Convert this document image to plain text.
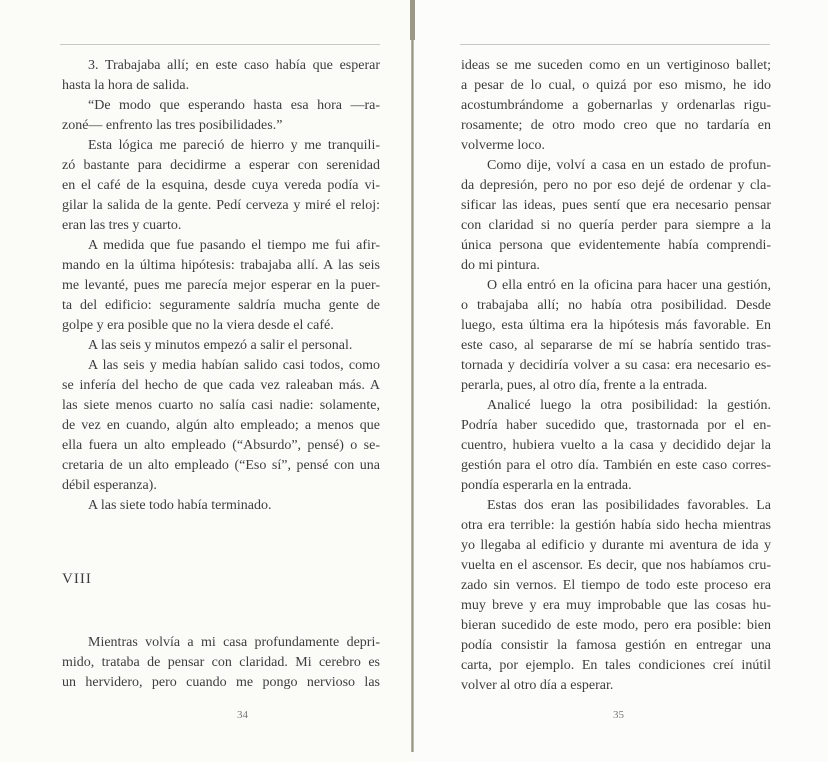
3. Trabajaba allí; en este caso había que esperar
hasta la hora de salida.
“De modo que esperando hasta esa hora —ra-
zoné— enfrento las tres posibilidades.”
Esta lógica me pareció de hierro y me tranquili-
zó bastante para decidirme a esperar con serenidad
en el café de la esquina, desde cuya vereda podía vi-
gilar la salida de la gente. Pedí cerveza y miré el reloj:
eran las tres y cuarto.
A medida que fue pasando el tiempo me fui afir-
mando en la última hipótesis: trabajaba allí. A las seis
me levanté, pues me parecía mejor esperar en la puer-
ta del edificio: seguramente saldría mucha gente de
golpe y era posible que no la viera desde el café.
A las seis y minutos empezó a salir el personal.
A las seis y media habían salido casi todos, como
se infería del hecho de que cada vez raleaban más. A
las siete menos cuarto no salía casi nadie: solamente,
de vez en cuando, algún alto empleado; a menos que
ella fuera un alto empleado (“Absurdo”, pensé) o se-
cretaria de un alto empleado (“Eso sí”, pensé con una
débil esperanza).
A las siete todo había terminado.
VIII
Mientras volvía a mi casa profundamente depri-
mido, trataba de pensar con claridad. Mi cerebro es
un hervidero, pero cuando me pongo nervioso las
34
ideas se me suceden como en un vertiginoso ballet;
a pesar de lo cual, o quizá por eso mismo, he ido
acostumbrándome a gobernarlas y ordenarlas rigu-
rosamente; de otro modo creo que no tardaría en
volverme loco.
Como dije, volví a casa en un estado de profun-
da depresión, pero no por eso dejé de ordenar y cla-
sificar las ideas, pues sentí que era necesario pensar
con claridad si no quería perder para siempre a la
única persona que evidentemente había comprendi-
do mi pintura.
O ella entró en la oficina para hacer una gestión,
o trabajaba allí; no había otra posibilidad. Desde
luego, esta última era la hipótesis más favorable. En
este caso, al separarse de mí se habría sentido tras-
tornada y decidiría volver a su casa: era necesario es-
perarla, pues, al otro día, frente a la entrada.
Analicé luego la otra posibilidad: la gestión.
Podría haber sucedido que, trastornada por el en-
cuentro, hubiera vuelto a la casa y decidido dejar la
gestión para el otro día. También en este caso corres-
pondía esperarla en la entrada.
Estas dos eran las posibilidades favorables. La
otra era terrible: la gestión había sido hecha mientras
yo llegaba al edificio y durante mi aventura de ida y
vuelta en el ascensor. Es decir, que nos habíamos cru-
zado sin vernos. El tiempo de todo este proceso era
muy breve y era muy improbable que las cosas hu-
bieran sucedido de este modo, pero era posible: bien
podía consistir la famosa gestión en entregar una
carta, por ejemplo. En tales condiciones creí inútil
volver al otro día a esperar.
35
